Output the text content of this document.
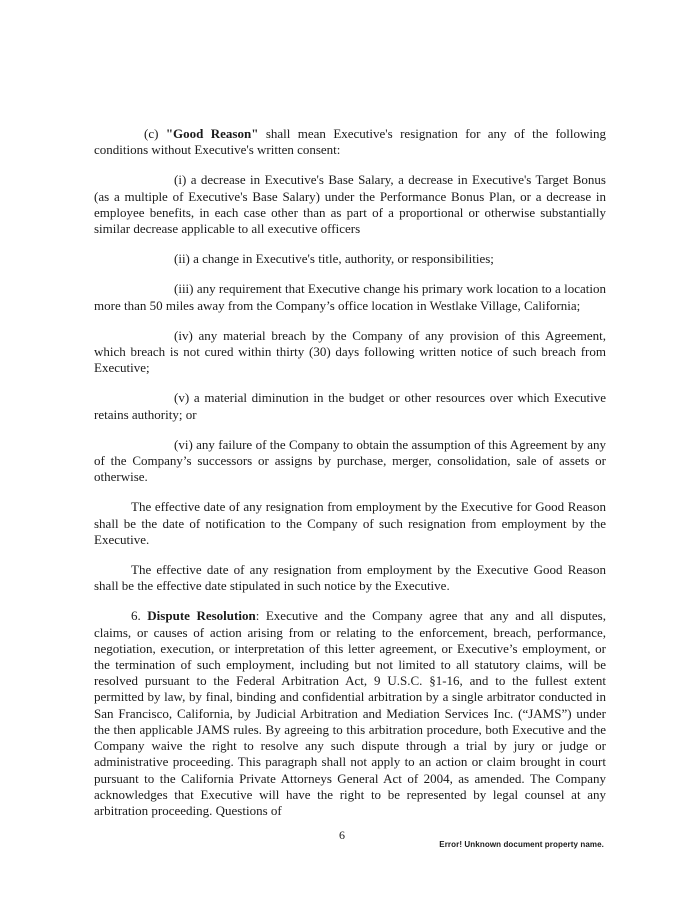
(c) "Good Reason" shall mean Executive's resignation for any of the following conditions without Executive's written consent:

(i) a decrease in Executive's Base Salary, a decrease in Executive's Target Bonus (as a multiple of Executive's Base Salary) under the Performance Bonus Plan, or a decrease in employee benefits, in each case other than as part of a proportional or otherwise substantially similar decrease applicable to all executive officers

(ii) a change in Executive's title, authority, or responsibilities;

(iii) any requirement that Executive change his primary work location to a location more than 50 miles away from the Company’s office location in Westlake Village, California;

(iv) any material breach by the Company of any provision of this Agreement, which breach is not cured within thirty (30) days following written notice of such breach from Executive;

(v) a material diminution in the budget or other resources over which Executive retains authority; or

(vi) any failure of the Company to obtain the assumption of this Agreement by any of the Company’s successors or assigns by purchase, merger, consolidation, sale of assets or otherwise.

The effective date of any resignation from employment by the Executive for Good Reason shall be the date of notification to the Company of such resignation from employment by the Executive.

The effective date of any resignation from employment by the Executive Good Reason shall be the effective date stipulated in such notice by the Executive.

6. Dispute Resolution: Executive and the Company agree that any and all disputes, claims, or causes of action arising from or relating to the enforcement, breach, performance, negotiation, execution, or interpretation of this letter agreement, or Executive’s employment, or the termination of such employment, including but not limited to all statutory claims, will be resolved pursuant to the Federal Arbitration Act, 9 U.S.C. §1-16, and to the fullest extent permitted by law, by final, binding and confidential arbitration by a single arbitrator conducted in San Francisco, California, by Judicial Arbitration and Mediation Services Inc. (“JAMS”) under the then applicable JAMS rules. By agreeing to this arbitration procedure, both Executive and the Company waive the right to resolve any such dispute through a trial by jury or judge or administrative proceeding. This paragraph shall not apply to an action or claim brought in court pursuant to the California Private Attorneys General Act of 2004, as amended. The Company acknowledges that Executive will have the right to be represented by legal counsel at any arbitration proceeding. Questions of

6
Error! Unknown document property name.
